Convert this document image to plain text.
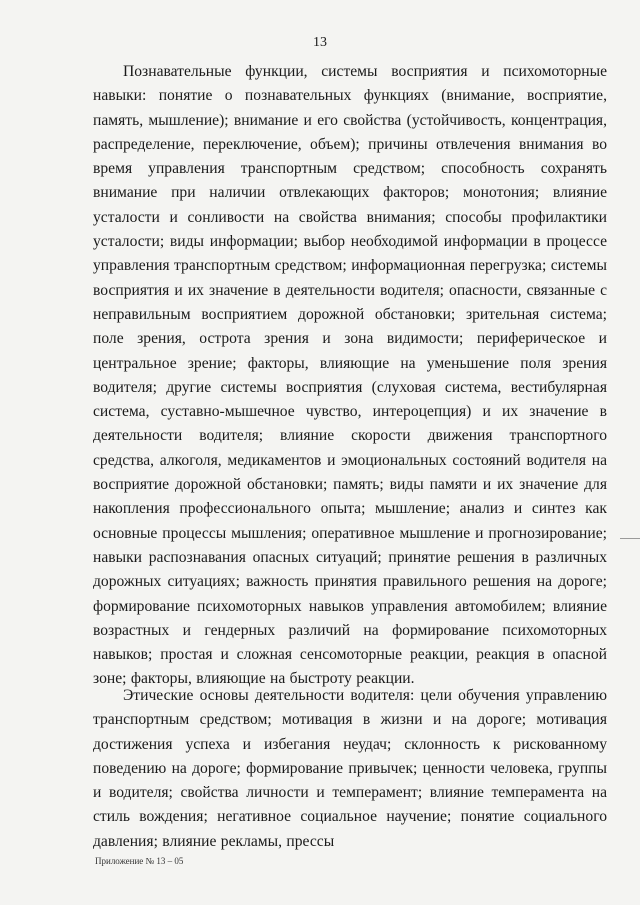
13

Познавательные функции, системы восприятия и психомоторные навыки: понятие о познавательных функциях (внимание, восприятие, память, мышление); внимание и его свойства (устойчивость, концентрация, распределение, переключение, объем); причины отвлечения внимания во время управления транспортным средством; способность сохранять внимание при наличии отвлекающих факторов; монотония; влияние усталости и сонливости на свойства внимания; способы профилактики усталости; виды информации; выбор необходимой информации в процессе управления транспортным средством; информационная перегрузка; системы восприятия и их значение в деятельности водителя; опасности, связанные с неправильным восприятием дорожной обстановки; зрительная система; поле зрения, острота зрения и зона видимости; периферическое и центральное зрение; факторы, влияющие на уменьшение поля зрения водителя; другие системы восприятия (слуховая система, вестибулярная система, суставно-мышечное чувство, интероцепция) и их значение в деятельности водителя; влияние скорости движения транспортного средства, алкоголя, медикаментов и эмоциональных состояний водителя на восприятие дорожной обстановки; память; виды памяти и их значение для накопления профессионального опыта; мышление; анализ и синтез как основные процессы мышления; оперативное мышление и прогнозирование; навыки распознавания опасных ситуаций; принятие решения в различных дорожных ситуациях; важность принятия правильного решения на дороге; формирование психомоторных навыков управления автомобилем; влияние возрастных и гендерных различий на формирование психомоторных навыков; простая и сложная сенсомоторные реакции, реакция в опасной зоне; факторы, влияющие на быстроту реакции.

Этические основы деятельности водителя: цели обучения управлению транспортным средством; мотивация в жизни и на дороге; мотивация достижения успеха и избегания неудач; склонность к рискованному поведению на дороге; формирование привычек; ценности человека, группы и водителя; свойства личности и темперамент; влияние темперамента на стиль вождения; негативное социальное научение; понятие социального давления; влияние рекламы, прессы

Приложение № 13 – 05
